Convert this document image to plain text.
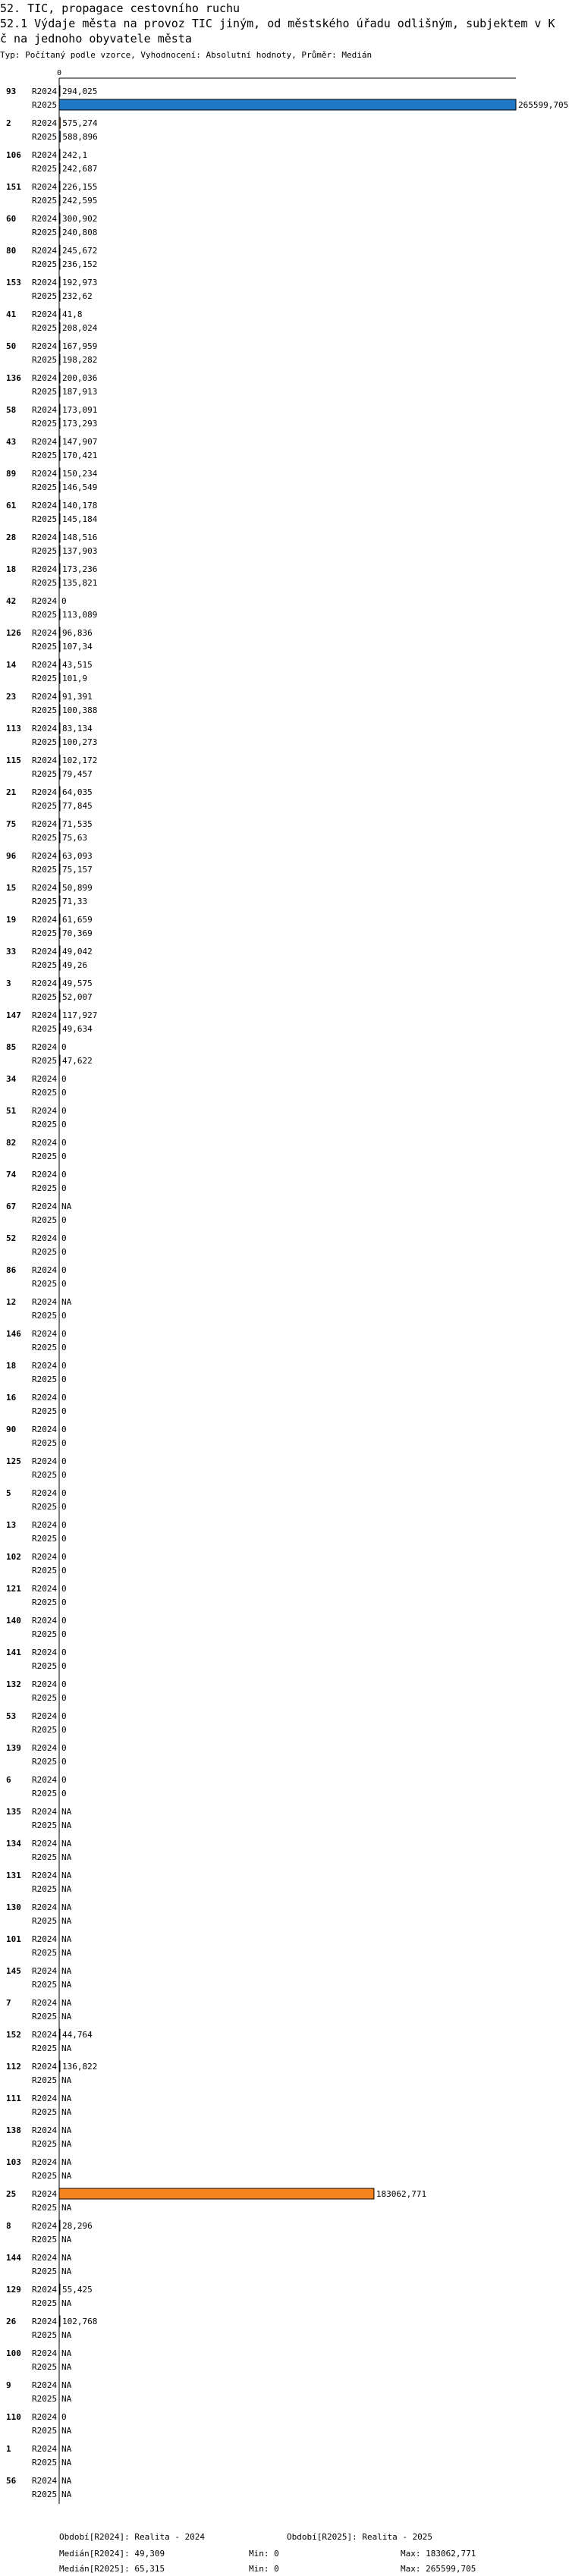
52. TIC, propagace cestovního ruchu
52.1 Výdaje města na provoz TIC jiným, od městského úřadu odlišným, subjektem v K
č na jednoho obyvatele města
Typ: Počítaný podle vzorce, Vyhodnocení: Absolutní hodnoty, Průměr: Medián
0
93 R2024 294,025
R2025	265599,705
2 R2024 575,274
R2025 588,896
106 R2024 242,1
R2025 242,687
151 R2024 226,155
R2025 242,595
60 R2024 300,902
R2025 240,808
80 R2024 245,672
R2025 236,152
153 R2024 192,973
R2025 232,62
41 R2024 41,8
R2025 208,024
50 R2024 167,959
R2025 198,282
136 R2024 200,036
R2025 187,913
58 R2024 173,091
R2025 173,293
43 R2024 147,907
R2025 170,421
89 R2024 150,234
R2025 146,549
61 R2024 140,178
R2025 145,184
28 R2024 148,516
R2025 137,903
18 R2024 173,236
R2025 135,821
42 R2024 0
R2025 113,089
126 R2024 96,836
R2025 107,34
14 R2024 43,515
R2025 101,9
23 R2024 91,391
R2025 100,388
113 R2024 83,134
R2025 100,273
115 R2024 102,172
R2025 79,457
21 R2024 64,035
R2025 77,845
75 R2024 71,535
R2025 75,63
96 R2024 63,093
R2025 75,157
15 R2024 50,899
R2025 71,33
19 R2024 61,659
R2025 70,369
33 R2024 49,042
R2025 49,26
3 R2024 49,575
R2025 52,007
147 R2024 117,927
R2025 49,634
85 R2024 0
R2025 47,622
34 R2024 0
R2025 0
51 R2024 0
R2025 0
82 R2024 0
R2025 0
74 R2024 0
R2025 0
67 R2024 NA
R2025 0
52 R2024 0
R2025 0
86 R2024 0
R2025 0
12 R2024 NA
R2025 0
146 R2024 0
R2025 0
18 R2024 0
R2025 0
16 R2024 0
R2025 0
90 R2024 0
R2025 0
125 R2024 0
R2025 0
5 R2024 0
R2025 0
13 R2024 0
R2025 0
102 R2024 0
R2025 0
121 R2024 0
R2025 0
140 R2024 0
R2025 0
141 R2024 0
R2025 0
132 R2024 0
R2025 0
53 R2024 0
R2025 0
139 R2024 0
R2025 0
6 R2024 0
R2025 0
135 R2024 NA
R2025 NA
134 R2024 NA
R2025 NA
131 R2024 NA
R2025 NA
130 R2024 NA
R2025 NA
101 R2024 NA
R2025 NA
145 R2024 NA
R2025 NA
7 R2024 NA
R2025 NA
152 R2024 44,764
R2025 NA
112 R2024 136,822
R2025 NA
111 R2024 NA
R2025 NA
138 R2024 NA
R2025 NA
103 R2024 NA
R2025 NA
25 R2024	183062,771
R2025 NA
8 R2024 28,296
R2025 NA
144 R2024 NA
R2025 NA
129 R2024 55,425
R2025 NA
26 R2024 102,768
R2025 NA
100 R2024 NA
R2025 NA
9 R2024 NA
R2025 NA
110 R2024 0
R2025 NA
1 R2024 NA
R2025 NA
56 R2024 NA
R2025 NA
Období[R2024]: Realita - 2024	Období[R2025]: Realita - 2025
Medián[R2024]: 49,309	Min: 0	Max: 183062,771
Medián[R2025]: 65,315	Min: 0	Max: 265599,705
